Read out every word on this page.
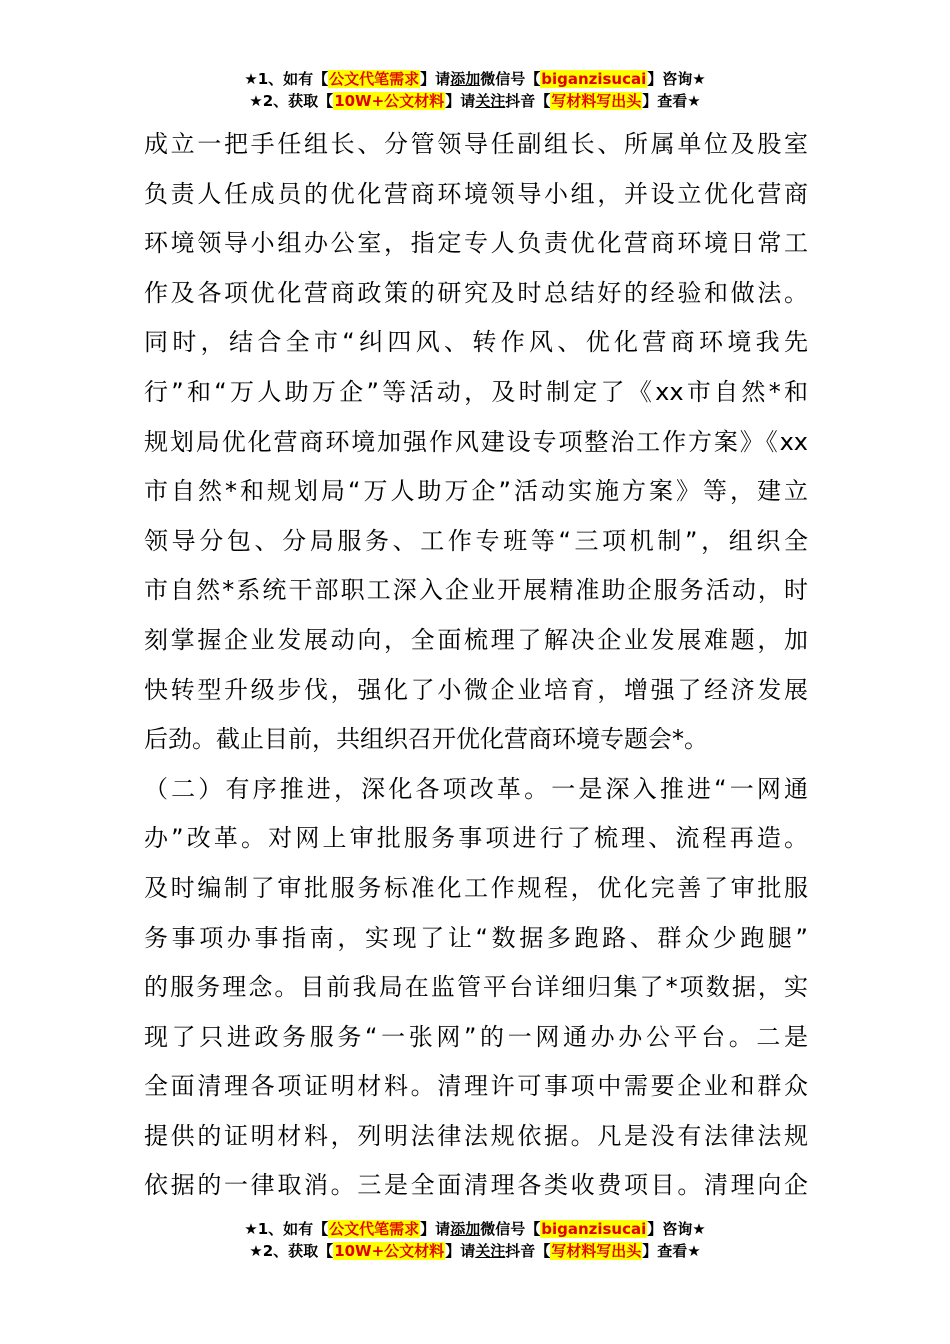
★1、如有【公文代笔需求】请添加微信号【biganzisucai】咨询★
★2、获取【10W+公文材料】请关注抖音【写材料写出头】查看★
成立一把手任组长、分管领导任副组长、所属单位及股室
负责人任成员的优化营商环境领导小组，并设立优化营商
环境领导小组办公室，指定专人负责优化营商环境日常工
作及各项优化营商政策的研究及时总结好的经验和做法。
同时，结合全市“纠四风、转作风、优化营商环境我先
行”和“万人助万企”等活动，及时制定了《xx市自然*和
规划局优化营商环境加强作风建设专项整治工作方案》《xx
市自然*和规划局“万人助万企”活动实施方案》等，建立
领导分包、分局服务、工作专班等“三项机制”，组织全
市自然*系统干部职工深入企业开展精准助企服务活动，时
刻掌握企业发展动向，全面梳理了解决企业发展难题，加
快转型升级步伐，强化了小微企业培育，增强了经济发展
后劲。截止目前，共组织召开优化营商环境专题会*。
（二）有序推进，深化各项改革。一是深入推进“一网通
办”改革。对网上审批服务事项进行了梳理、流程再造。
及时编制了审批服务标准化工作规程，优化完善了审批服
务事项办事指南，实现了让“数据多跑路、群众少跑腿”
的服务理念。目前我局在监管平台详细归集了*项数据，实
现了只进政务服务“一张网”的一网通办办公平台。二是
全面清理各项证明材料。清理许可事项中需要企业和群众
提供的证明材料，列明法律法规依据。凡是没有法律法规
依据的一律取消。三是全面清理各类收费项目。清理向企
★1、如有【公文代笔需求】请添加微信号【biganzisucai】咨询★
★2、获取【10W+公文材料】请关注抖音【写材料写出头】查看★
